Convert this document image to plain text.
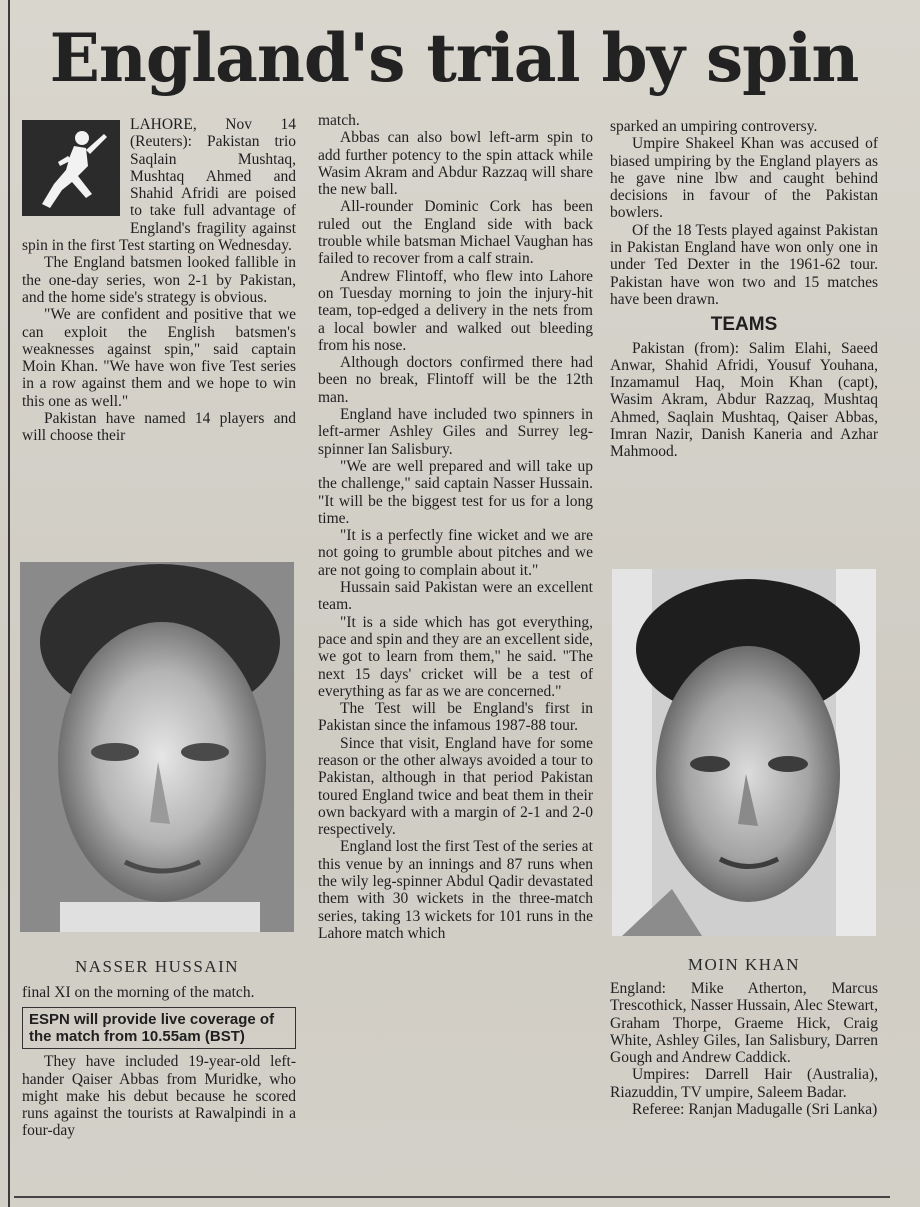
England's trial by spin

LAHORE, Nov 14 (Reuters): Pakistan trio Saqlain Mushtaq, Mushtaq Ahmed and Shahid Afridi are poised to take full advantage of England's fragility against spin in the first Test starting on Wednesday.

The England batsmen looked fallible in the one-day series, won 2-1 by Pakistan, and the home side's strategy is obvious.

"We are confident and positive that we can exploit the English batsmen's weaknesses against spin," said captain Moin Khan. "We have won five Test series in a row against them and we hope to win this one as well."

Pakistan have named 14 players and will choose their

NASSER HUSSAIN

final XI on the morning of the match.

ESPN will provide live coverage of the match from 10.55am (BST)

They have included 19-year-old left-hander Qaiser Abbas from Muridke, who might make his debut because he scored runs against the tourists at Rawalpindi in a four-day

match.

Abbas can also bowl left-arm spin to add further potency to the spin attack while Wasim Akram and Abdur Razzaq will share the new ball.

All-rounder Dominic Cork has been ruled out the England side with back trouble while batsman Michael Vaughan has failed to recover from a calf strain.

Andrew Flintoff, who flew into Lahore on Tuesday morning to join the injury-hit team, top-edged a delivery in the nets from a local bowler and walked out bleeding from his nose.

Although doctors confirmed there had been no break, Flintoff will be the 12th man.

England have included two spinners in left-armer Ashley Giles and Surrey leg-spinner Ian Salisbury.

"We are well prepared and will take up the challenge," said captain Nasser Hussain. "It will be the biggest test for us for a long time.

"It is a perfectly fine wicket and we are not going to grumble about pitches and we are not going to complain about it."

Hussain said Pakistan were an excellent team.

"It is a side which has got everything, pace and spin and they are an excellent side, we got to learn from them," he said. "The next 15 days' cricket will be a test of everything as far as we are concerned."

The Test will be England's first in Pakistan since the infamous 1987-88 tour.

Since that visit, England have for some reason or the other always avoided a tour to Pakistan, although in that period Pakistan toured England twice and beat them in their own backyard with a margin of 2-1 and 2-0 respectively.

England lost the first Test of the series at this venue by an innings and 87 runs when the wily leg-spinner Abdul Qadir devastated them with 30 wickets in the three-match series, taking 13 wickets for 101 runs in the Lahore match which

sparked an umpiring controversy.

Umpire Shakeel Khan was accused of biased umpiring by the England players as he gave nine lbw and caught behind decisions in favour of the Pakistan bowlers.

Of the 18 Tests played against Pakistan in Pakistan England have won only one in under Ted Dexter in the 1961-62 tour. Pakistan have won two and 15 matches have been drawn.

TEAMS

Pakistan (from): Salim Elahi, Saeed Anwar, Shahid Afridi, Yousuf Youhana, Inzamamul Haq, Moin Khan (capt), Wasim Akram, Abdur Razzaq, Mushtaq Ahmed, Saqlain Mushtaq, Qaiser Abbas, Imran Nazir, Danish Kaneria and Azhar Mahmood.

MOIN KHAN

England: Mike Atherton, Marcus Trescothick, Nasser Hussain, Alec Stewart, Graham Thorpe, Graeme Hick, Craig White, Ashley Giles, Ian Salisbury, Darren Gough and Andrew Caddick.

Umpires: Darrell Hair (Australia), Riazuddin, TV umpire, Saleem Badar.

Referee: Ranjan Madugalle (Sri Lanka)
